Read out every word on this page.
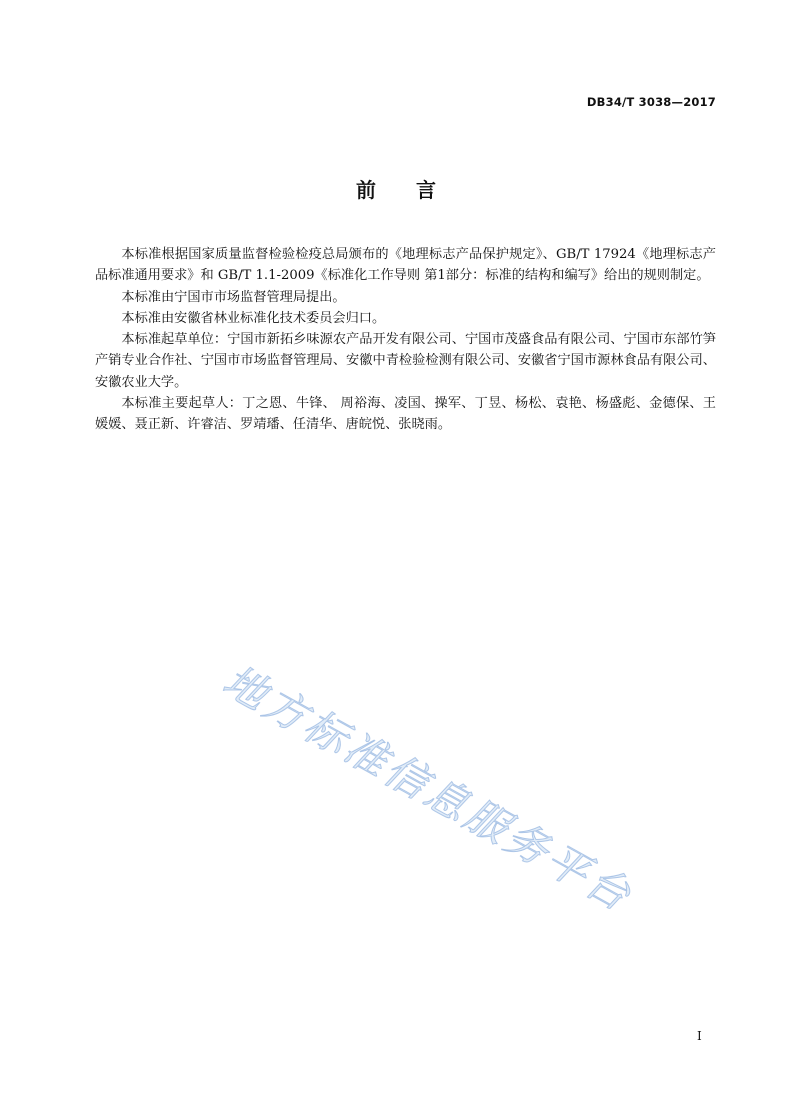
DB34/T 3038—2017
前　　言

本标准根据国家质量监督检验检疫总局颁布的《地理标志产品保护规定》、GB/T 17924《地理标志产品标准通用要求》和 GB/T 1.1-2009《标准化工作导则 第1部分：标准的结构和编写》给出的规则制定。

本标准由宁国市市场监督管理局提出。

本标准由安徽省林业标准化技术委员会归口。

本标准起草单位：宁国市新拓乡味源农产品开发有限公司、宁国市茂盛食品有限公司、宁国市东部竹笋产销专业合作社、宁国市市场监督管理局、安徽中青检验检测有限公司、安徽省宁国市源林食品有限公司、安徽农业大学。

本标准主要起草人：丁之恩、牛锋、 周裕海、凌国、操军、丁昱、杨松、袁艳、杨盛彪、金德保、王媛媛、聂正新、许睿洁、罗靖璠、任清华、唐皖悦、张晓雨。

地方标准信息服务平台
I
